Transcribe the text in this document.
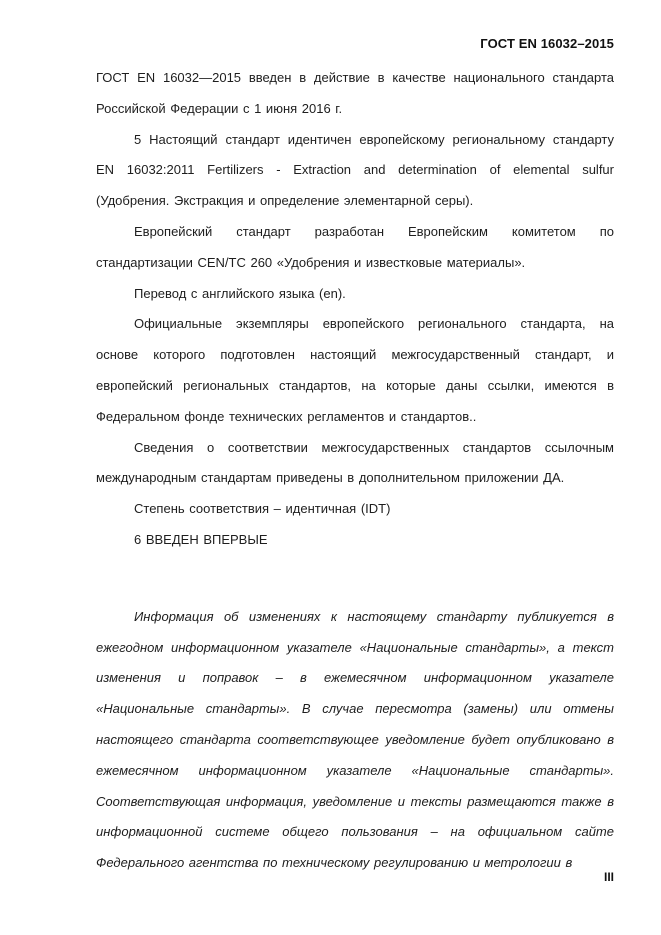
ГОСТ EN 16032–2015

ГОСТ EN 16032—2015 введен в действие в качестве национального стандарта Российской Федерации с 1 июня 2016 г.

5 Настоящий стандарт идентичен европейскому региональному стандарту EN 16032:2011 Fertilizers - Extraction and determination of elemental sulfur (Удобрения. Экстракция и определение элементарной серы).

Европейский стандарт разработан Европейским комитетом по стандартизации CEN/TC 260 «Удобрения и известковые материалы».

Перевод с английского языка (en).

Официальные экземпляры европейского регионального стандарта, на основе которого подготовлен настоящий межгосударственный стандарт, и европейский региональных стандартов, на которые даны ссылки, имеются в Федеральном фонде технических регламентов и стандартов..

Сведения о соответствии межгосударственных стандартов ссылочным международным стандартам приведены в дополнительном приложении ДА.

Степень соответствия – идентичная (IDT)

6 ВВЕДЕН ВПЕРВЫЕ

Информация об изменениях к настоящему стандарту публикуется в ежегодном информационном указателе «Национальные стандарты», а текст изменения и поправок – в ежемесячном информационном указателе «Национальные стандарты». В случае пересмотра (замены) или отмены настоящего стандарта соответствующее уведомление будет опубликовано в ежемесячном информационном указателе «Национальные стандарты». Соответствующая информация, уведомление и тексты размещаются также в информационной системе общего пользования – на официальном сайте Федерального агентства по техническому регулированию и метрологии в

III
